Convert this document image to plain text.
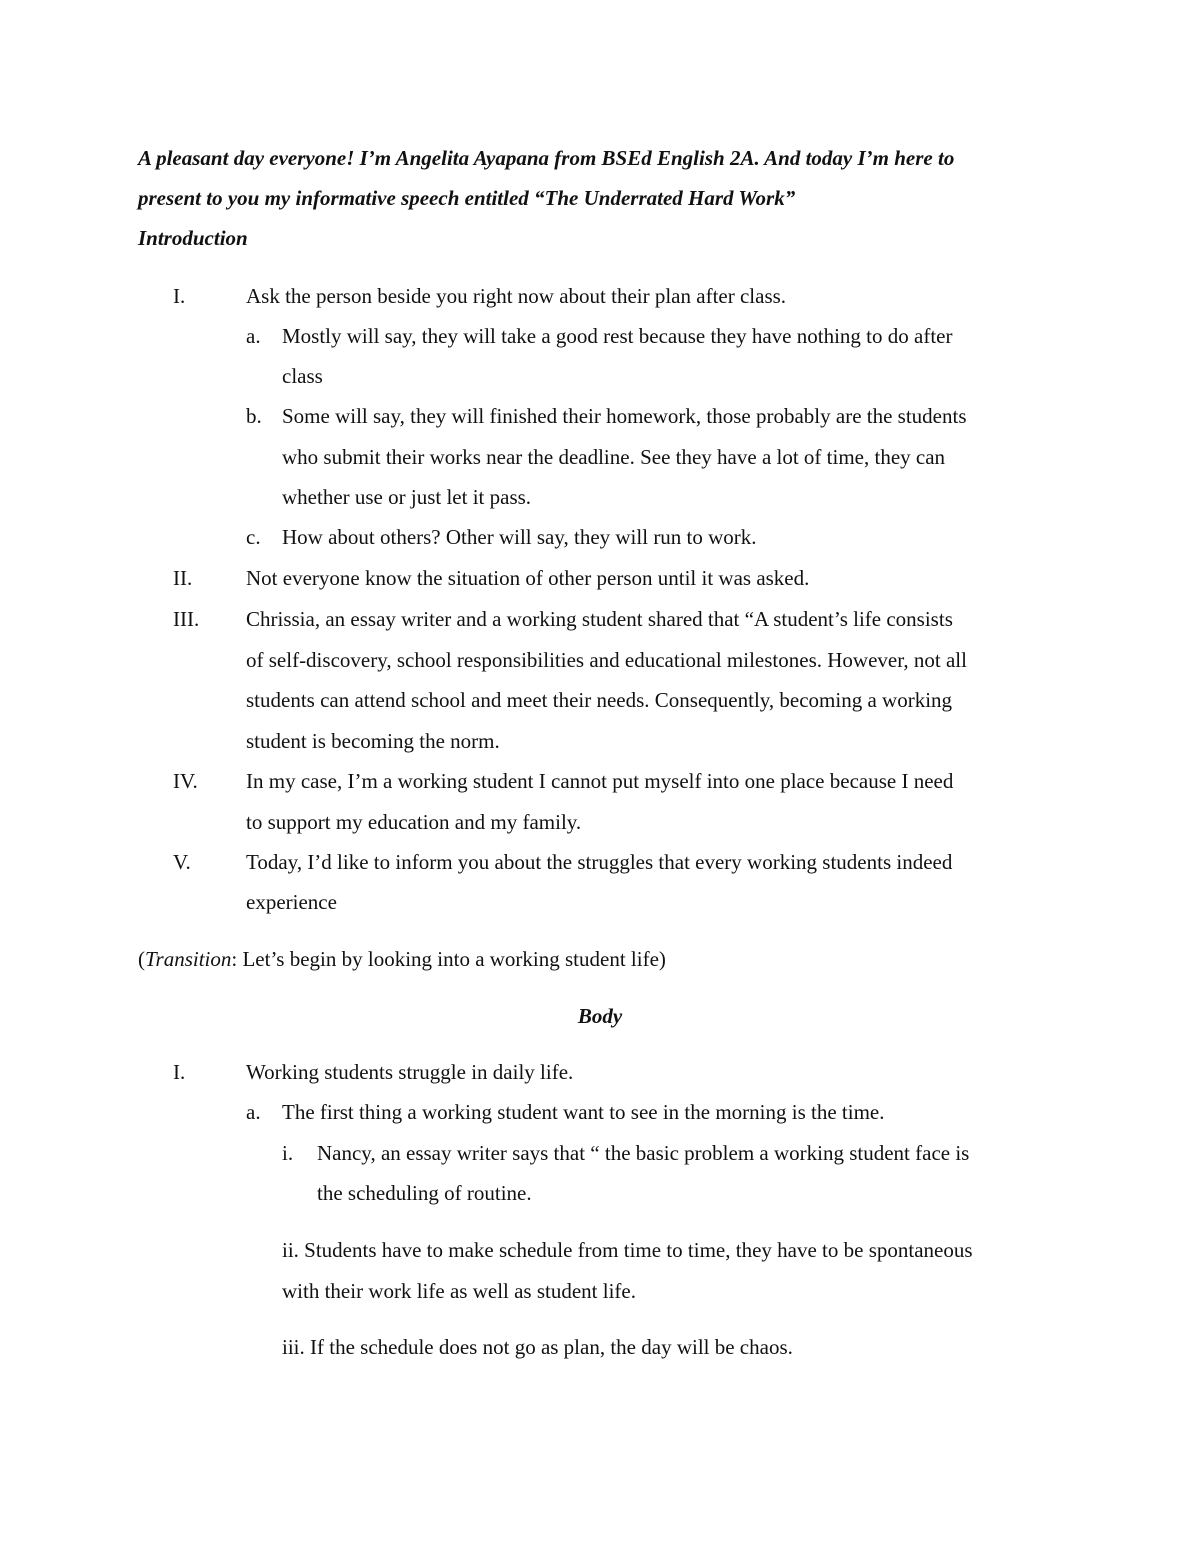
A pleasant day everyone! I’m Angelita Ayapana from BSEd English 2A. And today I’m here to
present to you my informative speech entitled “The Underrated Hard Work”
Introduction
I.	Ask the person beside you right now about their plan after class.
a. Mostly will say, they will take a good rest because they have nothing to do after
class
b. Some will say, they will finished their homework, those probably are the students
who submit their works near the deadline. See they have a lot of time, they can
whether use or just let it pass.
c. How about others? Other will say, they will run to work.
II.	Not everyone know the situation of other person until it was asked.
III. Chrissia, an essay writer and a working student shared that “A student’s life consists
of self-discovery, school responsibilities and educational milestones. However, not all
students can attend school and meet their needs. Consequently, becoming a working
student is becoming the norm.
IV. In my case, I’m a working student I cannot put myself into one place because I need
to support my education and my family.
V.	Today, I’d like to inform you about the struggles that every working students indeed
experience
(Transition: Let’s begin by looking into a working student life)
Body
I.	Working students struggle in daily life.
a. The first thing a working student want to see in the morning is the time.
i. Nancy, an essay writer says that “ the basic problem a working student face is
the scheduling of routine.
ii. Students have to make schedule from time to time, they have to be spontaneous
with their work life as well as student life.
iii. If the schedule does not go as plan, the day will be chaos.
